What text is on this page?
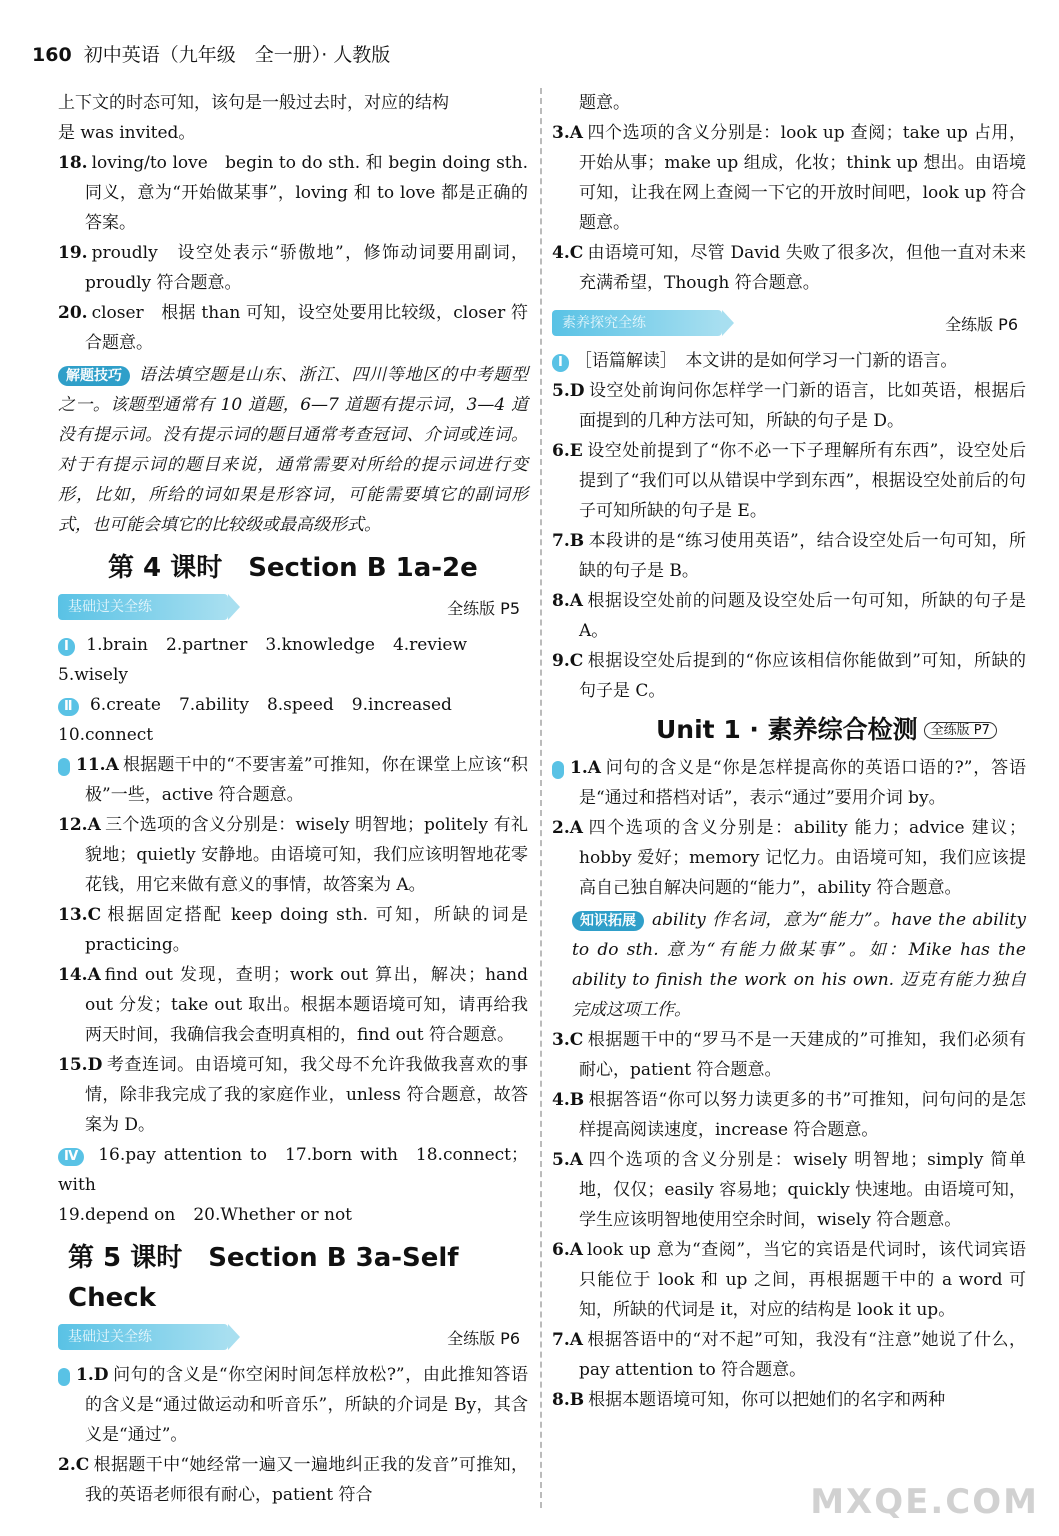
160 初中英语（九年级　全一册）· 人教版

上下文的时态可知，该句是一般过去时，对应的结构

是 was invited。

18. loving/to love　begin to do sth. 和 begin doing sth. 同义，意为“开始做某事”，loving 和 to love 都是正确的答案。

19. proudly　设空处表示“骄傲地”，修饰动词要用副词，proudly 符合题意。

20. closer　根据 than 可知，设空处要用比较级，closer 符合题意。

解题技巧 语法填空题是山东、浙江、四川等地区的中考题型之一。该题型通常有 10 道题，6—7 道题有提示词，3—4 道没有提示词。没有提示词的题目通常考查冠词、介词或连词。对于有提示词的题目来说，通常需要对所给的提示词进行变形，比如，所给的词如果是形容词，可能需要填它的副词形式，也可能会填它的比较级或最高级形式。

第 4 课时　Section B 1a-2e
基础过关全练	全练版 P5

Ⅰ 1.brain 2.partner 3.knowledge 4.review

5.wisely

Ⅱ 6.create 7.ability 8.speed 9.increased

10.connect

Ⅲ 11.A 根据题干中的“不要害羞”可推知，你在课堂上应该“积极”一些，active 符合题意。

12.A 三个选项的含义分别是：wisely 明智地；politely 有礼貌地；quietly 安静地。由语境可知，我们应该明智地花零花钱，用它来做有意义的事情，故答案为 A。

13.C 根据固定搭配 keep doing sth. 可知，所缺的词是 practicing。

14.A find out 发现，查明；work out 算出，解决；hand out 分发；take out 取出。根据本题语境可知，请再给我两天时间，我确信我会查明真相的，find out 符合题意。

15.D 考查连词。由语境可知，我父母不允许我做我喜欢的事情，除非我完成了我的家庭作业，unless 符合题意，故答案为 D。

Ⅳ 16.pay attention to 17.born with 18.connect；with

19.depend on 20.Whether or not

第 5 课时　Section B 3a-Self Check
基础过关全练	全练版 P6

Ⅰ 1.D 问句的含义是“你空闲时间怎样放松?”，由此推知答语的含义是“通过做运动和听音乐”，所缺的介词是 By，其含义是“通过”。

2.C 根据题干中“她经常一遍又一遍地纠正我的发音”可推知，我的英语老师很有耐心，patient 符合

题意。

3.A 四个选项的含义分别是：look up 查阅；take up 占用，开始从事；make up 组成，化妆；think up 想出。由语境可知，让我在网上查阅一下它的开放时间吧，look up 符合题意。

4.C 由语境可知，尽管 David 失败了很多次，但他一直对未来充满希望，Though 符合题意。

素养探究全练	全练版 P6

Ⅰ ［语篇解读］　 本文讲的是如何学习一门新的语言。

5.D 设空处前询问你怎样学一门新的语言，比如英语，根据后面提到的几种方法可知，所缺的句子是 D。

6.E 设空处前提到了“你不必一下子理解所有东西”，设空处后提到了“我们可以从错误中学到东西”，根据设空处前后的句子可知所缺的句子是 E。

7.B 本段讲的是“练习使用英语”，结合设空处后一句可知，所缺的句子是 B。

8.A 根据设空处前的问题及设空处后一句可知，所缺的句子是 A。

9.C 根据设空处后提到的“你应该相信你能做到”可知，所缺的句子是 C。

Unit 1 · 素养综合检测 全练版 P7

Ⅰ 1.A 问句的含义是“你是怎样提高你的英语口语的?”，答语是“通过和搭档对话”，表示“通过”要用介词 by。

2.A 四个选项的含义分别是：ability 能力；advice 建议；hobby 爱好；memory 记忆力。由语境可知，我们应该提高自己独自解决问题的“能力”，ability 符合题意。

知识拓展 ability 作名词，意为“能力”。have the ability to do sth. 意为“有能力做某事”。如：Mike has the ability to finish the work on his own. 迈克有能力独自完成这项工作。

3.C 根据题干中的“罗马不是一天建成的”可推知，我们必须有耐心，patient 符合题意。

4.B 根据答语“你可以努力读更多的书”可推知，问句问的是怎样提高阅读速度，increase 符合题意。

5.A 四个选项的含义分别是：wisely 明智地；simply 简单地，仅仅；easily 容易地；quickly 快速地。由语境可知，学生应该明智地使用空余时间，wisely 符合题意。

6.A look up 意为“查阅”，当它的宾语是代词时，该代词宾语只能位于 look 和 up 之间，再根据题干中的 a word 可知，所缺的代词是 it，对应的结构是 look it up。

7.A 根据答语中的“对不起”可知，我没有“注意”她说了什么，pay attention to 符合题意。

8.B 根据本题语境可知，你可以把她们的名字和两种

MXQE.COM
